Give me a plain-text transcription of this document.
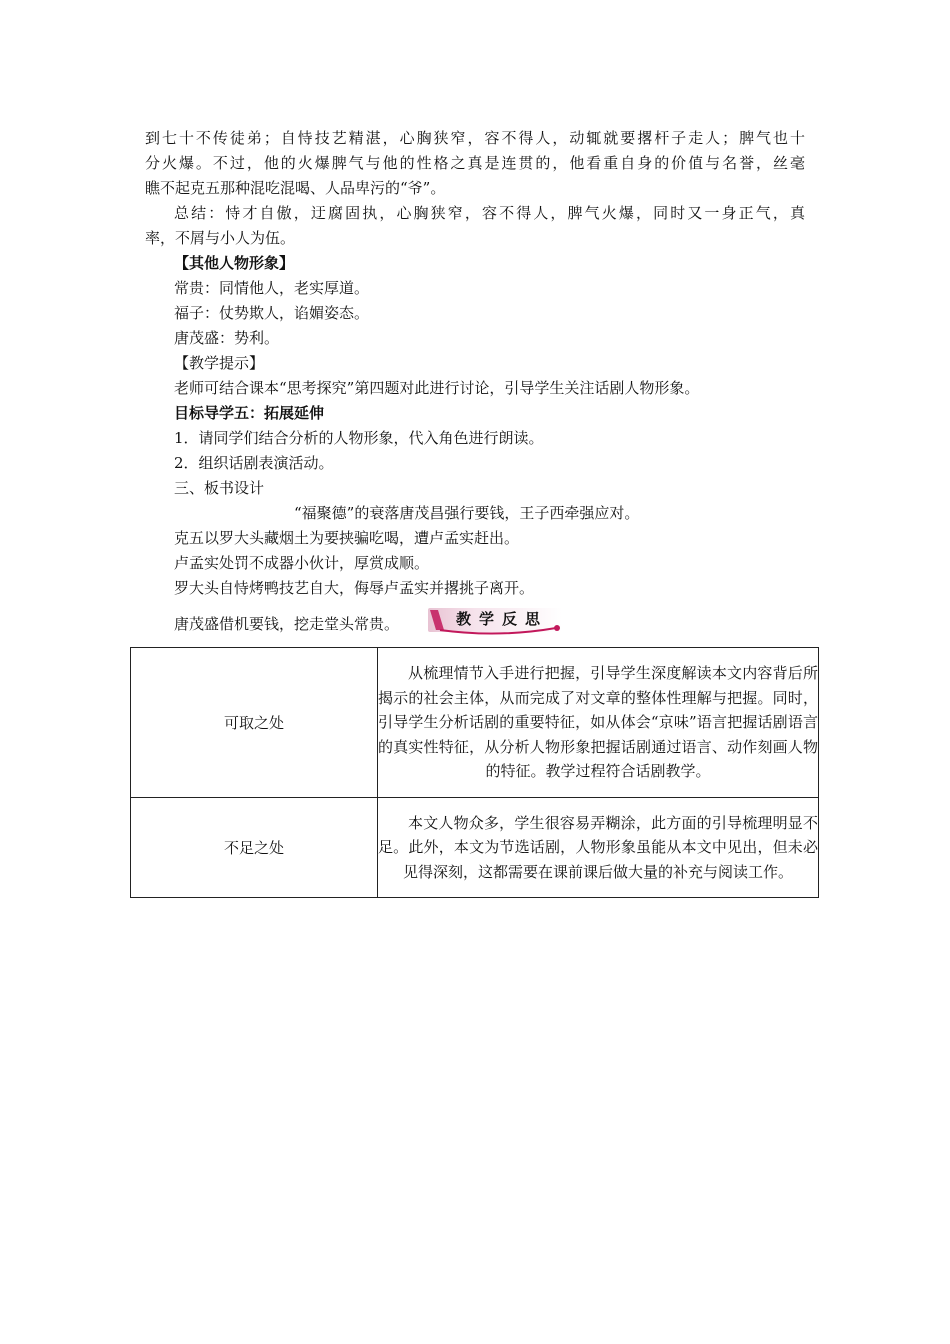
到七十不传徒弟；自恃技艺精湛，心胸狭窄，容不得人，动辄就要撂杆子走人；脾气也十
分火爆。不过，他的火爆脾气与他的性格之真是连贯的，他看重自身的价值与名誉，丝毫
瞧不起克五那种混吃混喝、人品卑污的“爷”。
总结：恃才自傲，迂腐固执，心胸狭窄，容不得人，脾气火爆，同时又一身正气，真
率，不屑与小人为伍。
【其他人物形象】
常贵：同情他人，老实厚道。
福子：仗势欺人，谄媚姿态。
唐茂盛：势利。
【教学提示】
老师可结合课本“思考探究”第四题对此进行讨论，引导学生关注话剧人物形象。
目标导学五：拓展延伸
1．请同学们结合分析的人物形象，代入角色进行朗读。
2．组织话剧表演活动。
三、板书设计
“福聚德”的衰落唐茂昌强行要钱，王子西牵强应对。
克五以罗大头藏烟土为要挟骗吃喝，遭卢孟实赶出。
卢孟实处罚不成器小伙计，厚赏成顺。
罗大头自恃烤鸭技艺自大，侮辱卢孟实并撂挑子离开。
唐茂盛借机要钱，挖走堂头常贵。	教学反思
可取之处	从梳理情节入手进行把握，引导学生深度解读本文内容背后所揭示的社会主体，从而完成了对文章的整体性理解与把握。同时，引导学生分析话剧的重要特征，如从体会“京味”语言把握话剧语言的真实性特征，从分析人物形象把握话剧通过语言、动作刻画人物的特征。教学过程符合话剧教学。

不足之处	本文人物众多，学生很容易弄糊涂，此方面的引导梳理明显不足。此外，本文为节选话剧，人物形象虽能从本文中见出，但未必见得深刻，这都需要在课前课后做大量的补充与阅读工作。
